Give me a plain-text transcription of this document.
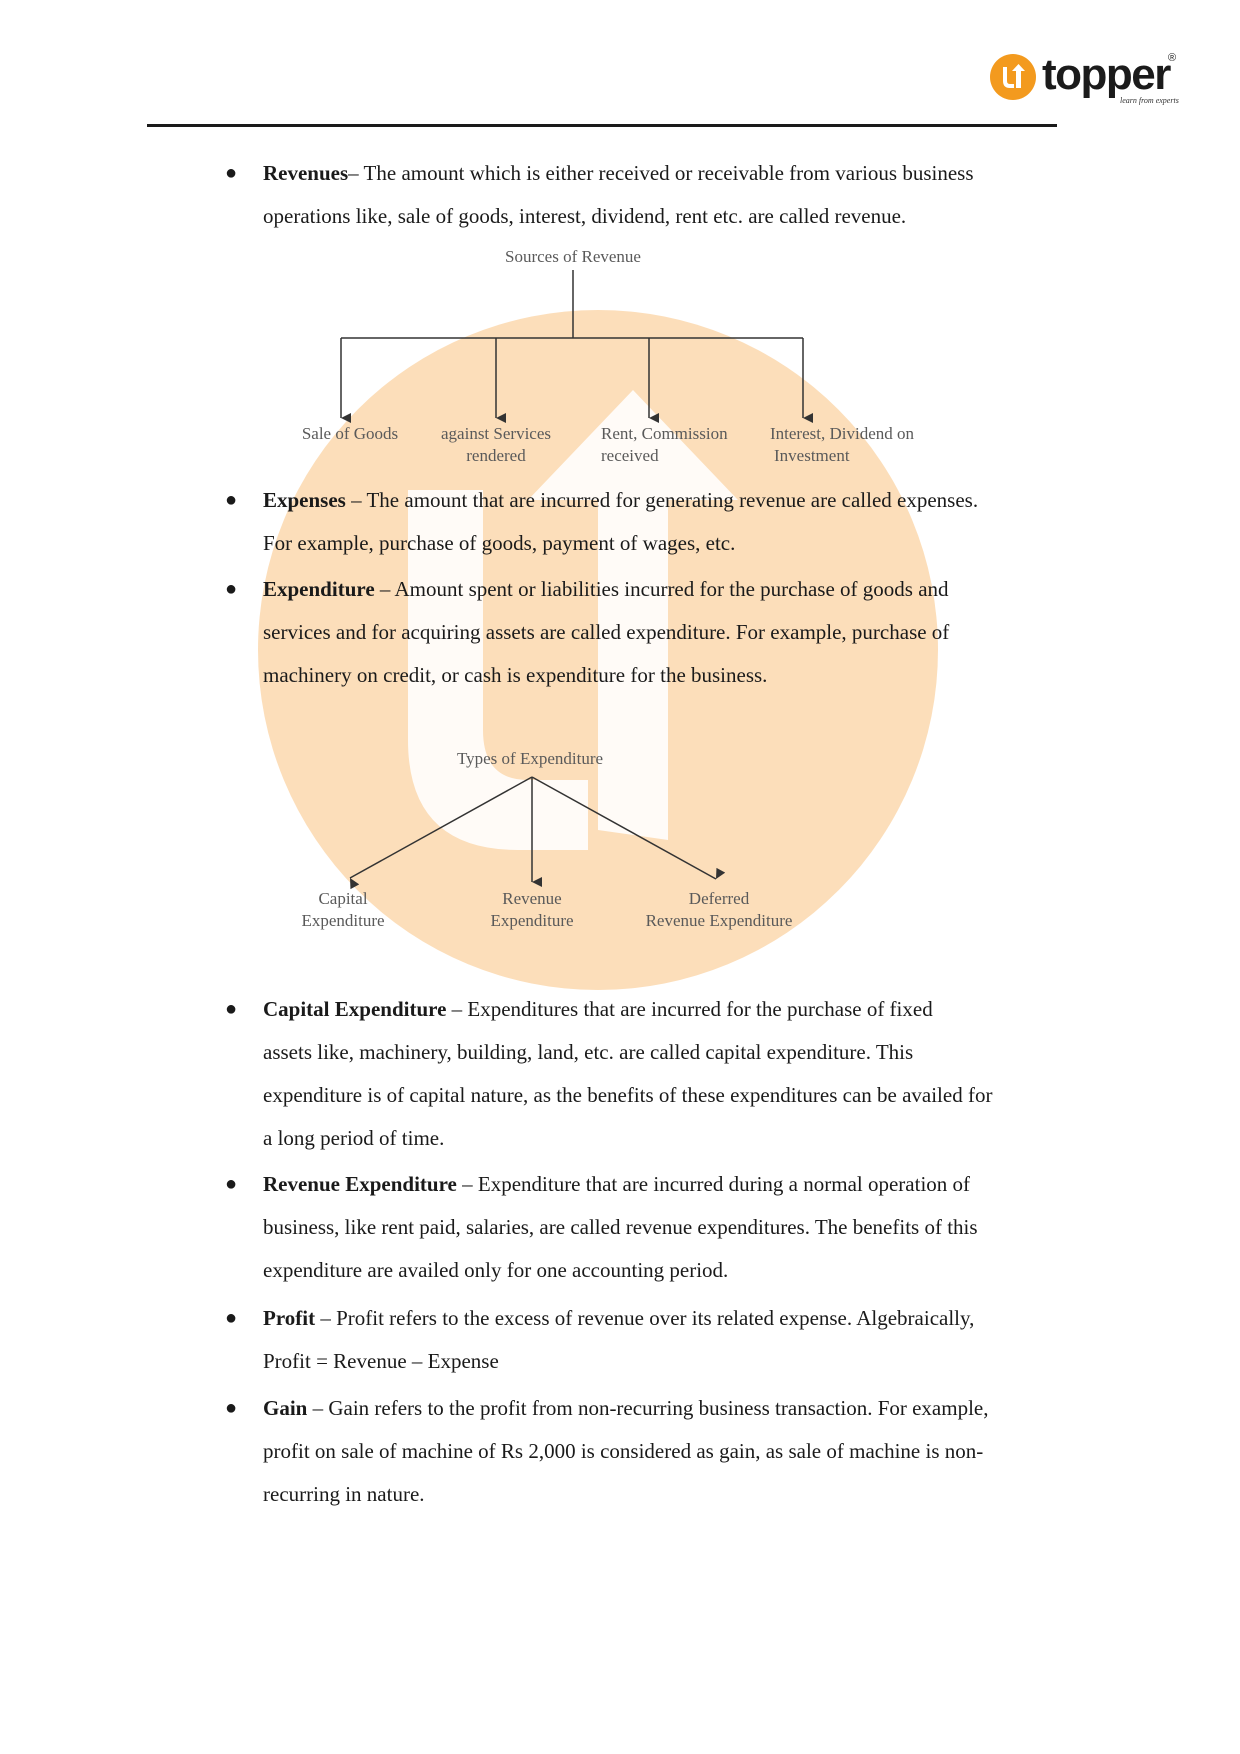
topper
®
learn from experts
● Revenues– The amount which is either received or receivable from various business
operations like, sale of goods, interest, dividend, rent etc. are called revenue.
Sources of Revenue
Sale of Goods	against Services
rendered
Rent, Commission
received
Interest, Dividend on
Investment
● Expenses – The amount that are incurred for generating revenue are called expenses.
For example, purchase of goods, payment of wages, etc.
● Expenditure – Amount spent or liabilities incurred for the purchase of goods and
services and for acquiring assets are called expenditure. For example, purchase of
machinery on credit, or cash is expenditure for the business.
Types of Expenditure
Capital
Expenditure
Revenue
Expenditure
Deferred
Revenue Expenditure
● Capital Expenditure – Expenditures that are incurred for the purchase of fixed
assets like, machinery, building, land, etc. are called capital expenditure. This
expenditure is of capital nature, as the benefits of these expenditures can be availed for
a long period of time.
● Revenue Expenditure – Expenditure that are incurred during a normal operation of
business, like rent paid, salaries, are called revenue expenditures. The benefits of this
expenditure are availed only for one accounting period.
● Profit – Profit refers to the excess of revenue over its related expense. Algebraically,
Profit = Revenue – Expense
● Gain – Gain refers to the profit from non-recurring business transaction. For example,
profit on sale of machine of Rs 2,000 is considered as gain, as sale of machine is non-
recurring in nature.
